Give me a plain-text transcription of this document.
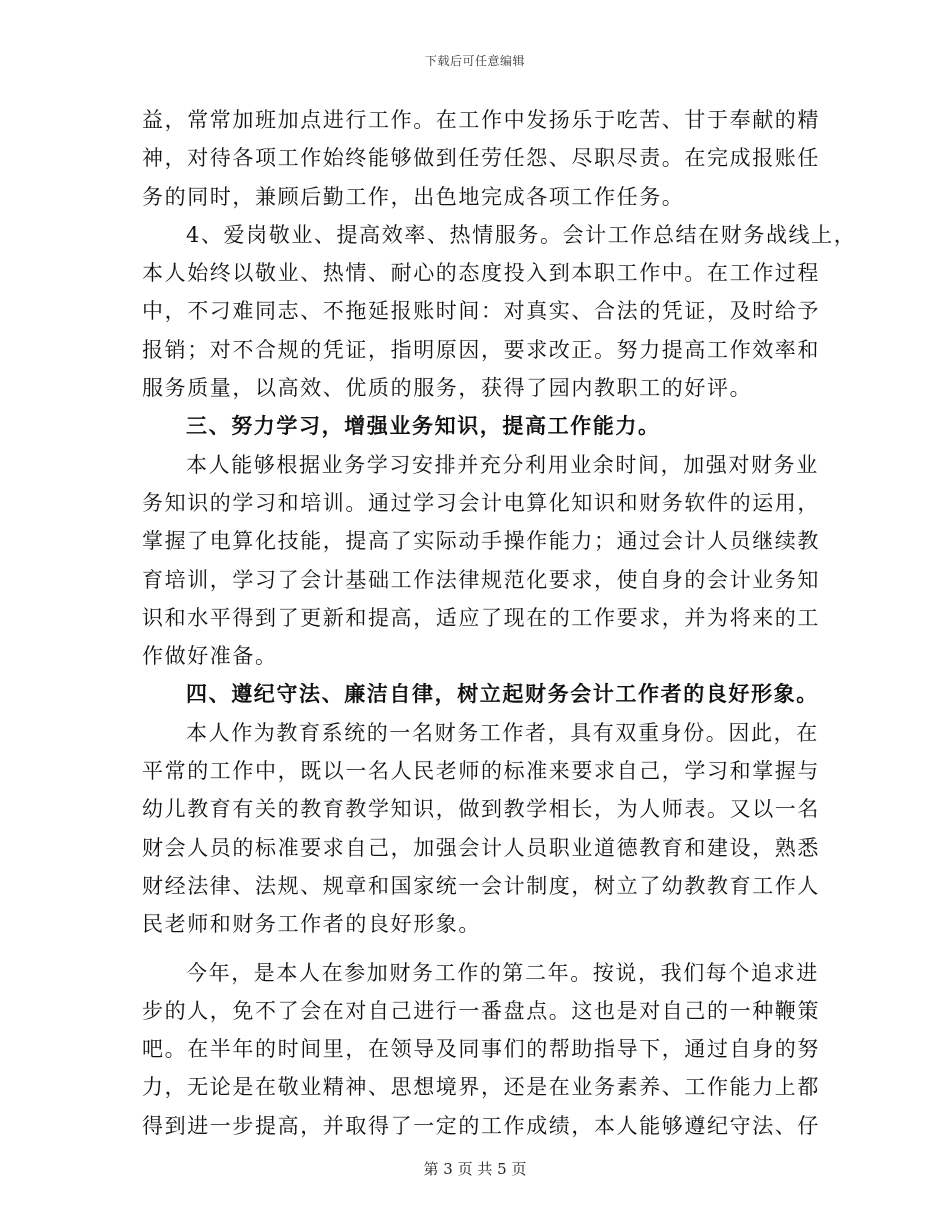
下载后可任意编辑
益，常常加班加点进行工作。在工作中发扬乐于吃苦、甘于奉献的精
神，对待各项工作始终能够做到任劳任怨、尽职尽责。在完成报账任
务的同时，兼顾后勤工作，出色地完成各项工作任务。
4、爱岗敬业、提高效率、热情服务。会计工作总结在财务战线上，
本人始终以敬业、热情、耐心的态度投入到本职工作中。在工作过程
中，不刁难同志、不拖延报账时间：对真实、合法的凭证，及时给予
报销；对不合规的凭证，指明原因，要求改正。努力提高工作效率和
服务质量，以高效、优质的服务，获得了园内教职工的好评。
三、努力学习，增强业务知识，提高工作能力。
本人能够根据业务学习安排并充分利用业余时间，加强对财务业
务知识的学习和培训。通过学习会计电算化知识和财务软件的运用，
掌握了电算化技能，提高了实际动手操作能力；通过会计人员继续教
育培训，学习了会计基础工作法律规范化要求，使自身的会计业务知
识和水平得到了更新和提高，适应了现在的工作要求，并为将来的工
作做好准备。
四、遵纪守法、廉洁自律，树立起财务会计工作者的良好形象。
本人作为教育系统的一名财务工作者，具有双重身份。因此，在
平常的工作中，既以一名人民老师的标准来要求自己，学习和掌握与
幼儿教育有关的教育教学知识，做到教学相长，为人师表。又以一名
财会人员的标准要求自己，加强会计人员职业道德教育和建设，熟悉
财经法律、法规、规章和国家统一会计制度，树立了幼教教育工作人
民老师和财务工作者的良好形象。
今年，是本人在参加财务工作的第二年。按说，我们每个追求进
步的人，免不了会在对自己进行一番盘点。这也是对自己的一种鞭策
吧。在半年的时间里，在领导及同事们的帮助指导下，通过自身的努
力，无论是在敬业精神、思想境界，还是在业务素养、工作能力上都
得到进一步提高，并取得了一定的工作成绩，本人能够遵纪守法、仔
第 3 页 共 5 页
